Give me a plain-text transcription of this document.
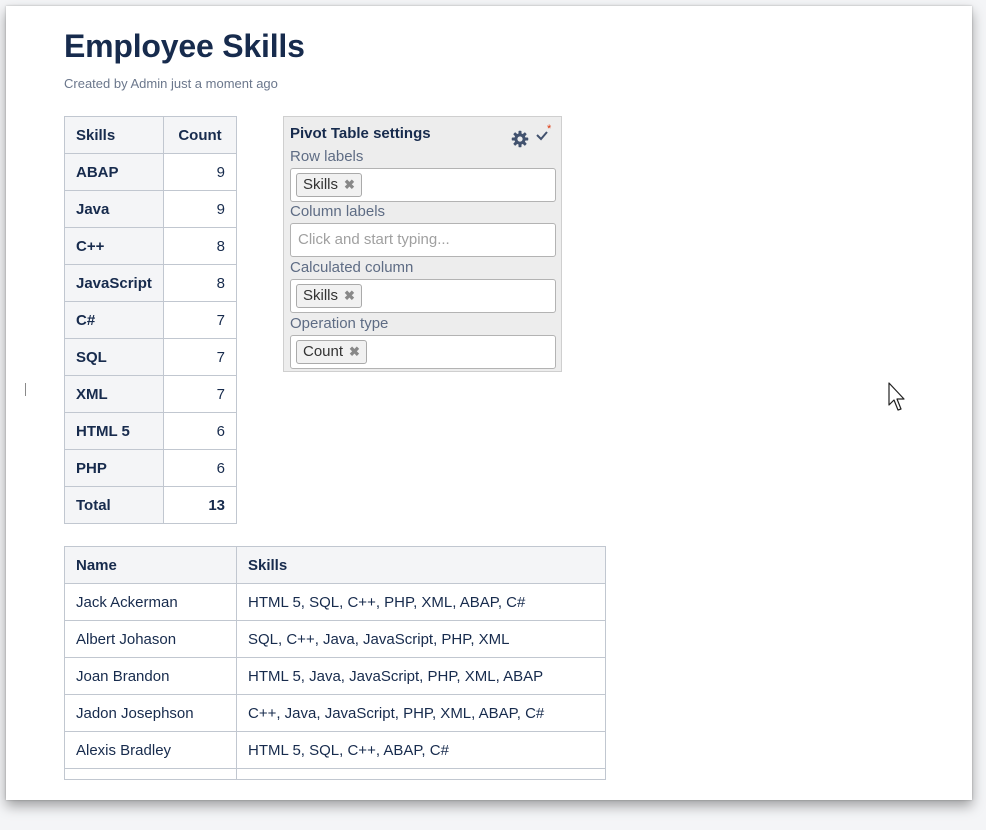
Employee Skills
Created by Admin just a moment ago
Skills	Count
ABAP	9
Java	9
C++	8
JavaScript	8
C#	7
SQL	7
XML	7
HTML 5	6
PHP	6
Total	13
Pivot Table settings	*
Row labels
Skills ✖
Column labels
Click and start typing...
Calculated column
Skills ✖
Operation type
Count ✖
Name	Skills
Jack Ackerman	HTML 5, SQL, C++, PHP, XML, ABAP, C#
Albert Johason	SQL, C++, Java, JavaScript, PHP, XML
Joan Brandon	HTML 5, Java, JavaScript, PHP, XML, ABAP
Jadon Josephson	C++, Java, JavaScript, PHP, XML, ABAP, C#
Alexis Bradley	HTML 5, SQL, C++, ABAP, C#
